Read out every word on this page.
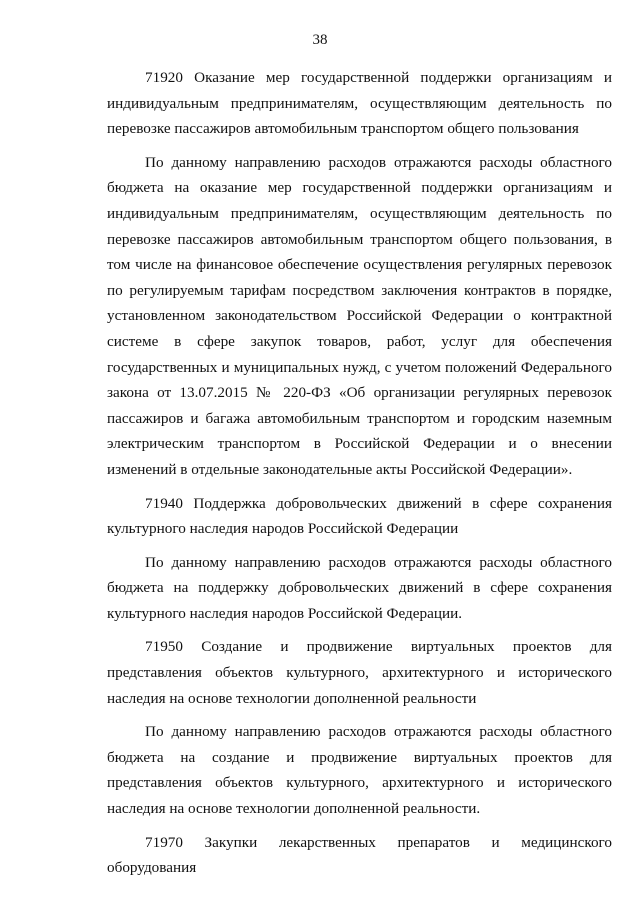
38

71920 Оказание мер государственной поддержки организациям и индивидуальным предпринимателям, осуществляющим деятельность по перевозке пассажиров автомобильным транспортом общего пользования

По данному направлению расходов отражаются расходы областного бюджета на оказание мер государственной поддержки организациям и индивидуальным предпринимателям, осуществляющим деятельность по перевозке пассажиров автомобильным транспортом общего пользования, в том числе на финансовое обеспечение осуществления регулярных перевозок по регулируемым тарифам посредством заключения контрактов в порядке, установленном законодательством Российской Федерации о контрактной системе в сфере закупок товаров, работ, услуг для обеспечения государственных и муниципальных нужд, с учетом положений Федерального закона от 13.07.2015 № 220-ФЗ «Об организации регулярных перевозок пассажиров и багажа автомобильным транспортом и городским наземным электрическим транспортом в Российской Федерации и о внесении изменений в отдельные законодательные акты Российской Федерации».

71940 Поддержка добровольческих движений в сфере сохранения культурного наследия народов Российской Федерации

По данному направлению расходов отражаются расходы областного бюджета на поддержку добровольческих движений в сфере сохранения культурного наследия народов Российской Федерации.

71950 Создание и продвижение виртуальных проектов для представления объектов культурного, архитектурного и исторического наследия на основе технологии дополненной реальности

По данному направлению расходов отражаются расходы областного бюджета на создание и продвижение виртуальных проектов для представления объектов культурного, архитектурного и исторического наследия на основе технологии дополненной реальности.

71970 Закупки лекарственных препаратов и медицинского оборудования
